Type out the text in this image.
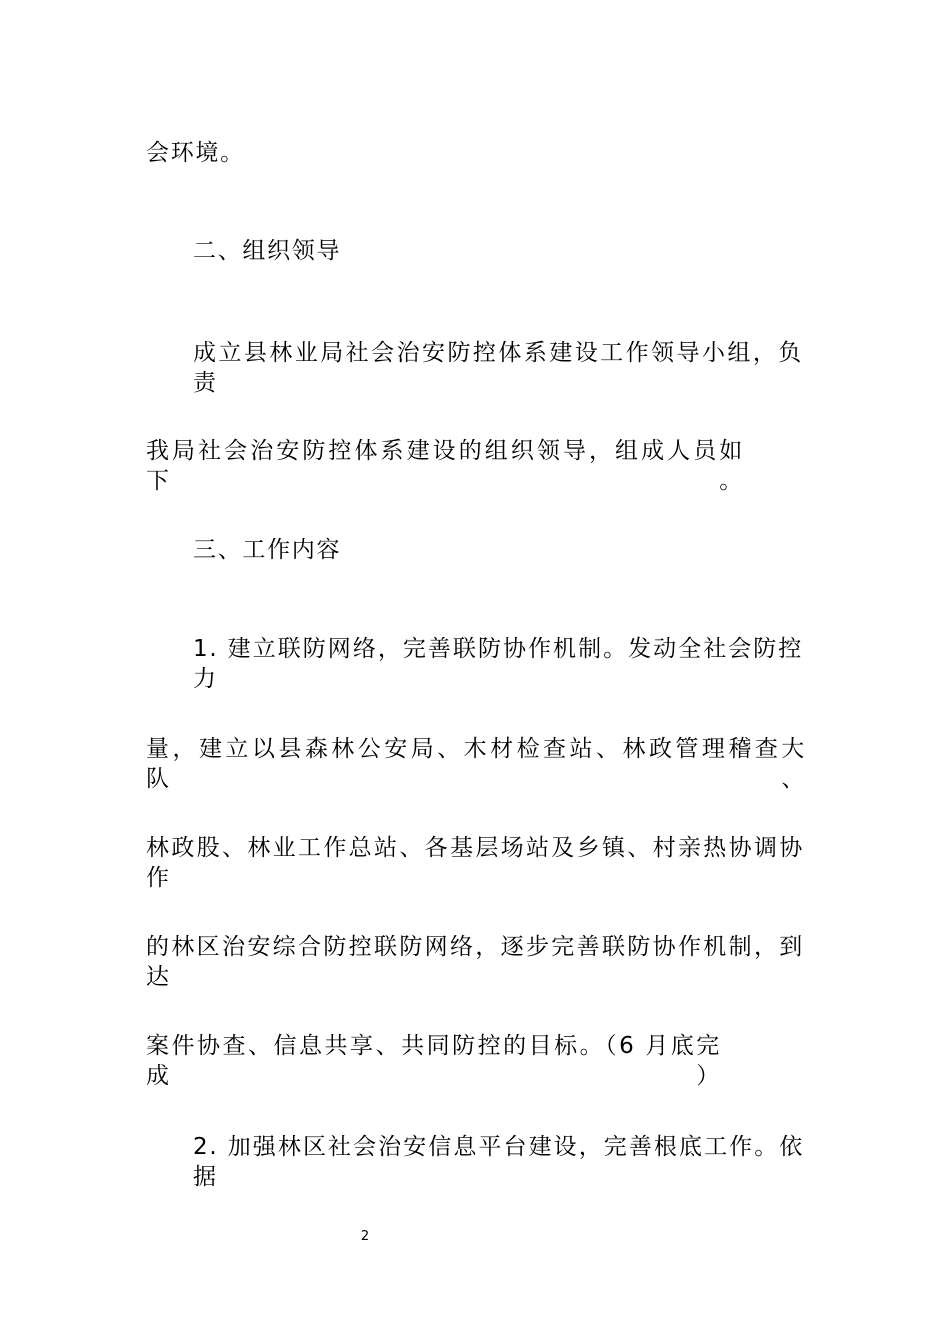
会环境。
二、组织领导
成立县林业局社会治安防控体系建设工作领导小组，负责
我局社会治安防控体系建设的组织领导，组成人员如下。
三、工作内容
1. 建立联防网络，完善联防协作机制。发动全社会防控力
量，建立以县森林公安局、木材检查站、林政管理稽查大队、
林政股、林业工作总站、各基层场站及乡镇、村亲热协调协作
的林区治安综合防控联防网络，逐步完善联防协作机制，到达
案件协查、信息共享、共同防控的目标。（6 月底完成）
2. 加强林区社会治安信息平台建设，完善根底工作。依据
2
